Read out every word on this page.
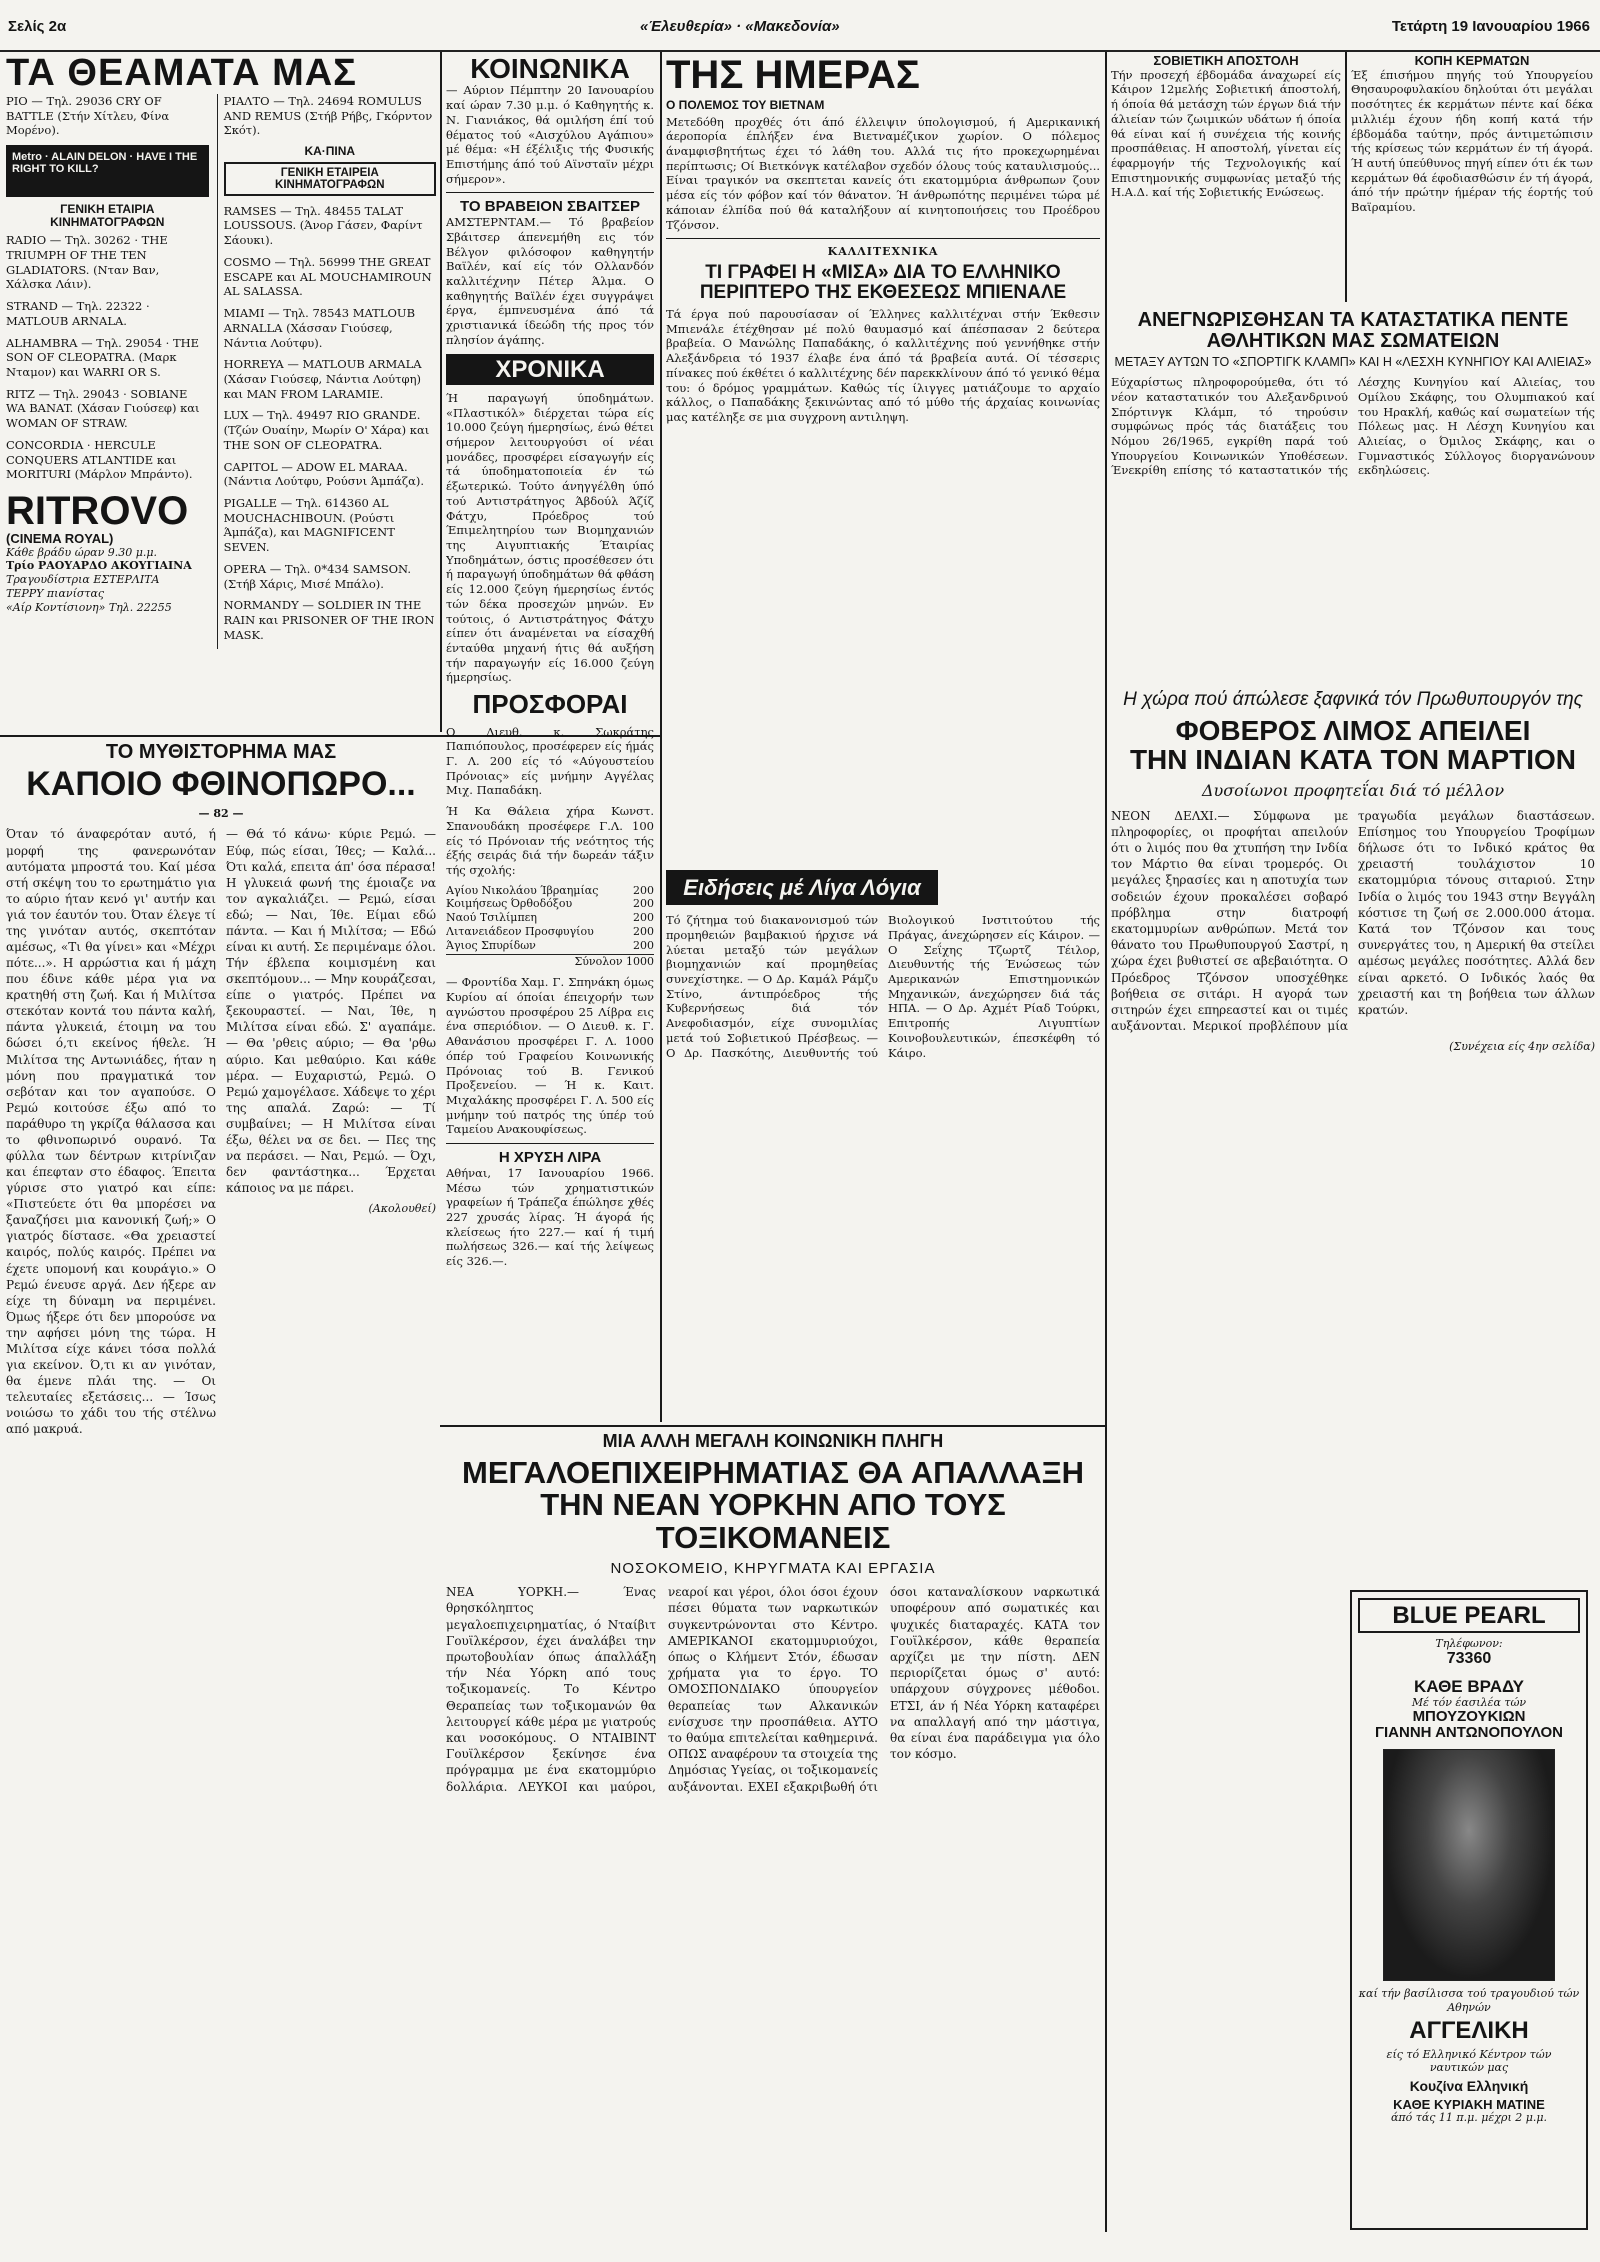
Σελίς 2α	«Έλευθερία» · «Μακεδονία»	Τετάρτη 19 Ιανουαρίου 1966
ΤΑ ΘΕΑΜΑΤΑ ΜΑΣ
ΡΙΟ — Τηλ. 29036 CRY OF BATTLE (Στήν Χίτλευ, Φίνα Μορένο).
Metro · ALAIN DELON · HAVE I THE RIGHT TO KILL?
ΓΕΝΙΚΗ ΕΤΑΙΡΙΑ ΚΙΝΗΜΑΤΟΓΡΑΦΩΝ
RADIO — Τηλ. 30262 · THE TRIUMPH OF THE TEN GLADIATORS. (Νταν Βαν, Χάλσκα Λάιν).
STRAND — Τηλ. 22322 · MATLOUB ARNALA.
ALHAMBRA — Τηλ. 29054 · THE SON OF CLEOPATRA. (Μαρκ Νταμον) και WARRI OR S.
RITZ — Τηλ. 29043 · SOBIANE WA BANAT. (Χάσαν Γιούσεφ) και WOMAN OF STRAW.
CONCORDIA · HERCULE CONQUERS ATLANTIDE και MORITURI (Μάρλον Μπράντο).
RITROVO
(CINEMA ROYAL)
Κάθε βράδυ ώραν 9.30 μ.μ.
Τρίο ΡΑΟΥΑΡΔΟ ΑΚΟΥΓΙΑΙΝΑ
Τραγουδίστρια ΕΣΤΕΡΛΙΤΑ
ΤΕΡΡΥ πιανίστας
«Αίρ Κοντίσιονη» Τηλ. 22255
ΡΙΑΛΤΟ — Τηλ. 24694 ROMULUS AND REMUS (Στήβ Ρήβς, Γκόρντον Σκότ).
ΚΑ·ΠΙΝΑ
ΓΕΝΙΚΗ ΕΤΑΙΡΕΙΑ ΚΙΝΗΜΑΤΟΓΡΑΦΩΝ
RAMSES — Τηλ. 48455 TALAT LOUSSOUS. (Άνορ Γάσεν, Φαρίντ Σάουκι).
COSMO — Τηλ. 56999 THE GREAT ESCAPE και AL MOUCHAMIROUN AL SALASSA.
MIAMI — Τηλ. 78543 MATLOUB ARNALLA (Χάσσαν Γιούσεφ, Νάντια Λούτφυ).
HORREYA — MATLOUB ARMALA (Χάσαν Γιούσεφ, Νάντια Λούτφη) και MAN FROM LARAMIE.
LUX — Τηλ. 49497 RIO GRANDE. (Τζών Ουαίην, Μωρίν Ο' Χάρα) και THE SON OF CLEOPATRA.
CAPITOL — ADOW EL MARAA. (Νάντια Λούτφυ, Ρούσνι Άμπάζα).
PIGALLE — Τηλ. 614360 AL MOUCHACHIBOUN. (Ρούστι Άμπάζα), και MAGNIFICENT SEVEN.
OPERA — Τηλ. 0*434 SAMSON. (Στήβ Χάρις, Μισέ Μπάλο).
NORMANDY — SOLDIER IN THE RAIN και PRISONER OF THE IRON MASK.
ΤΟ ΜΥΘΙΣΤΟΡΗΜΑ ΜΑΣ
ΚΑΠΟΙΟ ΦΘΙΝΟΠΩΡΟ...
— 82 —

Όταν τό άναφερόταν αυτό, ή μορφή της φανερωνόταν αυτόματα μπροστά του. Καί μέσα στή σκέψη του το ερωτημάτιο για το αύριο ήταν κενό γι' αυτήν και γιά τον έαυτόν του. Όταν έλεγε τί της γινόταν αυτός, σκεπτόταν αμέσως, «Τι θα γίνει» και «Μέχρι πότε...». Η αρρώστια και ή μάχη που έδινε κάθε μέρα για να κρατηθή στη ζωή. Και ή Μιλίτσα στεκόταν κοντά του πάντα καλή, πάντα γλυκειά, έτοιμη να του δώσει ό,τι εκείνος ήθελε. Ή Μιλίτσα της Αντωνιάδες, ήταν η μόνη που πραγματικά τον σεβόταν και τον αγαπούσε. Ο Ρεμώ κοιτούσε έξω από το παράθυρο τη γκρίζα θάλασσα και το φθινοπωρινό ουρανό. Τα φύλλα των δέντρων κιτρίνιζαν και έπεφταν στο έδαφος. Έπειτα γύρισε στο γιατρό και είπε: «Πιστεύετε ότι θα μπορέσει να ξαναζήσει μια κανονική ζωή;» Ο γιατρός δίστασε. «Θα χρειαστεί καιρός, πολύς καιρός. Πρέπει να έχετε υπομονή και κουράγιο.» Ο Ρεμώ ένευσε αργά. Δεν ήξερε αν είχε τη δύναμη να περιμένει. Όμως ήξερε ότι δεν μπορούσε να την αφήσει μόνη της τώρα. Η Μιλίτσα είχε κάνει τόσα πολλά για εκείνον. Ό,τι κι αν γινόταν, θα έμενε πλάι της. — Οι τελευταίες εξετάσεις... — Ίσως νοιώσω το χάδι του τής στέλνω από μακρυά.

— Θά τό κάνω· κύριε Ρεμώ. — Εύφ, πώς είσαι, Ίθες; — Καλά... Ότι καλά, επειτα άπ' όσα πέρασα! Η γλυκειά φωνή της έμοιαζε να τον αγκαλιάζει. — Ρεμώ, είσαι εδώ; — Ναι, Ίθε. Είμαι εδώ πάντα. — Και ή Μιλίτσα; — Εδώ είναι κι αυτή. Σε περιμέναμε όλοι. Τήν έβλεπα κοιμισμένη και σκεπτόμουν... — Μην κουράζεσαι, είπε ο γιατρός. Πρέπει να ξεκουραστεί. — Ναι, Ίθε, η Μιλίτσα είναι εδώ. Σ' αγαπάμε. — Θα 'ρθεις αύριο; — Θα 'ρθω αύριο. Και μεθαύριο. Και κάθε μέρα. — Ευχαριστώ, Ρεμώ. Ο Ρεμώ χαμογέλασε. Χάδεψε το χέρι της απαλά. Ζαρώ: — Τί συμβαίνει; — Η Μιλίτσα είναι έξω, θέλει να σε δει. — Πες της να περάσει. — Ναι, Ρεμώ. — Όχι, δεν φαντάστηκα... Έρχεται κάποιος να με πάρει.

(Ακολουθεί)
ΚΟΙΝΩΝΙΚΑ

— Αύριον Πέμπτην 20 Ιανουαρίου καί ώραν 7.30 μ.μ. ό Καθηγητής κ. Ν. Γιανιάκος, θά ομιλήση έπί τού θέματος τού «Αισχύλου Αγάπιου» μέ θέμα: «Η έξέλιξις τής Φυσικής Επιστήμης άπό τού Αϊνσταϊν μέχρι σήμερον».

ΤΟ ΒΡΑΒΕΙΟΝ ΣΒΑΙΤΣΕΡ

ΑΜΣΤΕΡΝΤΑΜ.— Τό βραβείον Σβάιτσερ άπενεμήθη εις τόν Βέλγον φιλόσοφον καθηγητήν Βαϊλέν, καί είς τόν Ολλανδόν καλλιτέχνην Πέτερ Άλμα. Ο καθηγητής Βαϊλέν έχει συγγράψει έργα, έμπνευσμένα άπό τά χριστιανικά ίδεώδη τής προς τόν πλησίον άγάπης.

ΧΡΟΝΙΚΑ

Ή παραγωγή ύποδημάτων. «Πλαστικόλ» διέρχεται τώρα είς 10.000 ζεύγη ήμερησίως, ένώ θέτει σήμερον λειτουργούσι οί νέαι μονάδες, προσφέρει είσαγωγήν είς τά ύποδηματοποιεία έν τώ έξωτερικώ. Τούτο άνηγγέλθη ύπό τού Αντιστράτηγος Άβδούλ Άζίζ Φάτχυ, Πρόεδρος τού Έπιμελητηρίου των Βιομηχανιών της Αιγυπτιακής Έταιρίας Υποδημάτων, όστις προσέθεσεν ότι ή παραγωγή ύποδημάτων θά φθάση είς 12.000 ζεύγη ήμερησίως έντός τών δέκα προσεχών μηνών. Εν τούτοις, ό Αντιστράτηγος Φάτχυ είπεν ότι άναμένεται να είσαχθή ένταύθα μηχανή ήτις θά αυξήση τήν παραγωγήν είς 16.000 ζεύγη ήμερησίως.

ΠΡΟΣΦΟΡΑΙ

Ο Διευθ. κ. Σωκράτης Παπιόπουλος, προσέφερεν είς ήμάς Γ. Λ. 200 είς τό «Αύγουστείου Πρόνοιας» είς μνήμην Αγγέλας Μιχ. Παπαδάκη.

Ή Κα Θάλεια χήρα Κωνστ. Σπανουδάκη προσέφερε Γ.Λ. 100 είς τό Πρόνοιαν τής νεότητος τής έξής σειράς διά τήν δωρεάν τάξιν τής σχολής:

Αγίου Νικολάου Ίβραημίας	200
Κοιμήσεως Όρθοδόξου	200
Ναού Τσιλίμπεη	200
Λιτανειάδεον Προσφυγίου	200
Άγιος Σπυρίδων	200
Σύνολον 1000

— Φροντίδα Χαμ. Γ. Σπηνάκη όμως Κυρίου αί όποίαι έπειχορήν των αγνώστου προσφέρου 25 Λίβρα εις ένα σπεριόδιον. — Ο Διευθ. κ. Γ. Αθανάσιου προσφέρει Γ. Λ. 1000 όπέρ τού Γραφείου Κοινωνικής Πρόνοιας τού Β. Γενικού Προξενείου. — Ή κ. Καιτ. Μιχαλάκης προσφέρει Γ. Λ. 500 είς μνήμην τού πατρός της ύπέρ τού Ταμείου Ανακουφίσεως.

Η ΧΡΥΣΗ ΛΙΡΑ

Αθήναι, 17 Ιανουαρίου 1966. Μέσω τών χρηματιστικών γραφείων ή Τράπεζα έπώλησε χθές 227 χρυσάς λίρας. Ή άγορά ής κλείσεως ήτο 227.— καί ή τιμή πωλήσεως 326.— καί τής λείψεως είς 326.—.

ΤΗΣ ΗΜΕΡΑΣ
Ο ΠΟΛΕΜΟΣ ΤΟΥ ΒΙΕΤΝΑΜ

Μετεδόθη προχθές ότι άπό έλλειψιν ύπολογισμού, ή Αμερικανική άεροπορία έπλήξεν ένα Βιετναμέζικον χωρίον. Ο πόλεμος άναμφισβητήτως έχει τό λάθη του. Αλλά τις ήτο προκεχωρημέναι περίπτωσις; Οί Βιετκόνγκ κατέλαβον σχεδόν όλους τούς καταυλισμούς... Είναι τραγικόν να σκεπτεται κανείς ότι εκατομμύρια άνθρωπων ζουν μέσα είς τόν φόβον καί τόν θάνατον. Ή άνθρωπότης περιμένει τώρα μέ κάποιαν έλπίδα πού θά καταλήξουν αί κινητοποιήσεις του Προέδρου Τζόνσον.

ΚΑΛΛΙΤΕΧΝΙΚΑ
ΤΙ ΓΡΑΦΕΙ Η «ΜΙΣΑ» ΔΙΑ ΤΟ ΕΛΛΗΝΙΚΟ ΠΕΡΙΠΤΕΡΟ ΤΗΣ ΕΚΘΕΣΕΩΣ ΜΠΙΕΝΑΛΕ

Τά έργα πού παρουσίασαν οί Έλληνες καλλιτέχναι στήν Έκθεσιν Μπιενάλε έτέχθησαν μέ πολύ θαυμασμό καί άπέσπασαν 2 δεύτερα βραβεία. Ο Μανώλης Παπαδάκης, ό καλλιτέχνης πού γεννήθηκε στήν Αλεξάνδρεια τό 1937 έλαβε ένα άπό τά βραβεία αυτά. Οί τέσσερις πίνακες πού έκθέτει ό καλλιτέχνης δέν παρεκκλίνουν άπό τό γενικό θέμα του: ό δρόμος γραμμάτων. Καθώς τίς ίλιγγες ματιάζουμε το αρχαίο κάλλος, ο Παπαδάκης ξεκινώντας από τό μύθο τής άρχαίας κοινωνίας μας κατέληξε σε μια συγχρονη αντιληψη.

Ειδήσεις μέ Λίγα Λόγια

Τό ζήτημα τού διακανονισμού τών προμηθειών βαμβακιού ήρχισε νά λύεται μεταξύ τών μεγάλων βιομηχανιών καί προμηθείας συνεχίστηκε. — Ο Δρ. Καμάλ Ράμζυ Στίνο, άντιπρόεδρος τής Κυβερνήσεως διά τόν Ανεφοδιασμόν, είχε συνομιλίας μετά τού Σοβιετικού Πρέσβεως. — Ο Δρ. Πασκότης, Διευθυντής τού Βιολογικού Ινστιτούτου τής Πράγας, άνεχώρησεν είς Κάιρον. — Ο Σεΐχης Τζωρτζ Τέιλορ, Διευθυντής τής Ένώσεως τών Αμερικανών Επιστημονικών Μηχανικών, άνεχώρησεν διά τάς ΗΠΑ. — Ο Δρ. Αχμέτ Ρίαδ Τούρκι, Επιτροπής Λιγυπτίων Κοινοβουλευτικών, έπεσκέφθη τό Κάιρο.

ΜΙΑ ΑΛΛΗ ΜΕΓΑΛΗ ΚΟΙΝΩΝΙΚΗ ΠΛΗΓΗ
ΜΕΓΑΛΟΕΠΙΧΕΙΡΗΜΑΤΙΑΣ ΘΑ ΑΠΑΛΛΑΞΗ
ΤΗΝ ΝΕΑΝ ΥΟΡΚΗΝ ΑΠΟ ΤΟΥΣ ΤΟΞΙΚΟΜΑΝΕΙΣ
ΝΟΣΟΚΟΜΕΙΟ, ΚΗΡΥΓΜΑΤΑ ΚΑΙ ΕΡΓΑΣΙΑ

ΝΕΑ ΥΟΡΚΗ.— Ένας θρησκόληπτος μεγαλοεπιχειρηματίας, ό Νταίβιτ Γουϊλκέρσον, έχει άναλάβει την πρωτοβουλίαν όπως άπαλλάξη τήν Νέα Υόρκη από τους τοξικομανείς. Το Κέντρο Θεραπείας των τοξικομανών θα λειτουργεί κάθε μέρα με γιατρούς και νοσοκόμους. Ο ΝΤΑΙΒΙΝΤ Γουϊλκέρσον ξεκίνησε ένα πρόγραμμα με ένα εκατομμύριο δολλάρια. ΛΕΥΚΟΙ και μαύροι, νεαροί και γέροι, όλοι όσοι έχουν πέσει θύματα των ναρκωτικών συγκεντρώνονται στο Κέντρο. ΑΜΕΡΙΚΑΝΟΙ εκατομμυριούχοι, όπως ο Κλήμεντ Στόν, έδωσαν χρήματα για το έργο. ΤΟ ΟΜΟΣΠΟΝΔΙΑΚΟ ύπουργείον θεραπείας των Αλκανικών ενίσχυσε την προσπάθεια. ΑΥΤΟ το θαύμα επιτελείται καθημερινά. ΟΠΩΣ αναφέρουν τα στοιχεία της Δημόσιας Υγείας, οι τοξικομανείς αυξάνονται. ΕΧΕΙ εξακριβωθή ότι όσοι καταναλίσκουν ναρκωτικά υποφέρουν από σωματικές και ψυχικές διαταραχές. ΚΑΤΑ τον Γουϊλκέρσον, κάθε θεραπεία αρχίζει με την πίστη. ΔΕΝ περιορίζεται όμως σ' αυτό: υπάρχουν σύγχρονες μέθοδοι. ΕΤΣΙ, άν ή Νέα Υόρκη καταφέρει να απαλλαγή από την μάστιγα, θα είναι ένα παράδειγμα για όλο τον κόσμο.

ΣΟΒΙΕΤΙΚΗ ΑΠΟΣΤΟΛΗ

Τήν προσεχή έβδομάδα άναχωρεί είς Κάιρον 12μελής Σοβιετική άποστολή, ή όποία θά μετάσχη τών έργων διά τήν άλιείαν τών ζωιμικών υδάτων ή όποία θά είναι καί ή συνέχεια τής κοινής προσπάθειας. Η αποστολή, γίνεται είς έφαρμογήν τής Τεχνολογικής καί Επιστημονικής συμφωνίας μεταξύ τής Η.Α.Δ. καί τής Σοβιετικής Ενώσεως.

ΚΟΠΗ ΚΕΡΜΑΤΩΝ

Έξ έπισήμου πηγής τού Υπουργείου Θησαυροφυλακίου δηλούται ότι μεγάλαι ποσότητες έκ κερμάτων πέντε καί δέκα μιλλιέμ έχουν ήδη κοπή κατά τήν έβδομάδα ταύτην, πρός άντιμετώπισιν τής κρίσεως τών κερμάτων έν τή άγορά. Ή αυτή ύπεύθυνος πηγή είπεν ότι έκ των κερμάτων θά έφοδιασθώσιν έν τή άγορά, άπό τήν πρώτην ήμέραν τής έορτής τού Βαϊραμίου.

ΑΝΕΓΝΩΡΙΣΘΗΣΑΝ ΤΑ ΚΑΤΑΣΤΑΤΙΚΑ ΠΕΝΤΕ ΑΘΛΗΤΙΚΩΝ ΜΑΣ ΣΩΜΑΤΕΙΩΝ
ΜΕΤΑΞΥ ΑΥΤΩΝ ΤΟ «ΣΠΟΡΤΙΓΚ ΚΛΑΜΠ» ΚΑΙ Η «ΛΕΣΧΗ ΚΥΝΗΓΙΟΥ ΚΑΙ ΑΛΙΕΙΑΣ»

Εύχαρίστως πληροφορούμεθα, ότι τό νέον καταστατικόν του Αλεξανδρινού Σπόρτινγκ Κλάμπ, τό τηρούσιν συμφώνως πρός τάς διατάξεις του Νόμου 26/1965, εγκρίθη παρά τού Υπουργείου Κοινωνικών Υποθέσεων. Ένεκρίθη επίσης τό καταστατικόν τής Λέσχης Κυνηγίου καί Αλιείας, του Ομίλου Σκάφης, του Ολυμπιακού καί του Ηρακλή, καθώς καί σωματείων τής Πόλεως μας. Η Λέσχη Κυνηγίου και Αλιείας, ο Όμιλος Σκάφης, και ο Γυμναστικός Σύλλογος διοργανώνουν εκδηλώσεις.

Η χώρα πού άπώλεσε ξαφνικά τόν Πρωθυπουργόν της
ΦΟΒΕΡΟΣ ΛΙΜΟΣ ΑΠΕΙΛΕΙ
ΤΗΝ ΙΝΔΙΑΝ ΚΑΤΑ ΤΟΝ ΜΑΡΤΙΟΝ
Δυσοίωνοι προφητεΐαι διά τό μέλλον

ΝΕΟΝ ΔΕΛΧΙ.— Σύμφωνα με πληροφορίες, οι προφήται απειλούν ότι ο λιμός που θα χτυπήση την Ινδία τον Μάρτιο θα είναι τρομερός. Οι μεγάλες ξηρασίες και η αποτυχία των σοδειών έχουν προκαλέσει σοβαρό πρόβλημα στην διατροφή εκατομμυρίων ανθρώπων. Μετά τον θάνατο του Πρωθυπουργού Σαστρί, η χώρα έχει βυθιστεί σε αβεβαιότητα. Ο Πρόεδρος Τζόνσον υποσχέθηκε βοήθεια σε σιτάρι. Η αγορά των σιτηρών έχει επηρεαστεί και οι τιμές αυξάνονται. Μερικοί προβλέπουν μία τραγωδία μεγάλων διαστάσεων. Επίσημος του Υπουργείου Τροφίμων δήλωσε ότι το Ινδικό κράτος θα χρειαστή τουλάχιστον 10 εκατομμύρια τόνους σιταριού. Στην Ινδία ο λιμός του 1943 στην Βεγγάλη κόστισε τη ζωή σε 2.000.000 άτομα. Κατά τον Τζόνσον και τους συνεργάτες του, η Αμερική θα στείλει αμέσως μεγάλες ποσότητες. Αλλά δεν είναι αρκετό. Ο Ινδικός λαός θα χρειαστή και τη βοήθεια των άλλων κρατών.

(Συνέχεια είς 4ην σελίδα)
BLUE PEARL
Τηλέφωνον:
73360
ΚΑΘΕ ΒΡΑΔΥ
Μέ τόν έασιλέα τών
ΜΠΟΥΖΟΥΚΙΩΝ
ΓΙΑΝΝΗ ΑΝΤΩΝΟΠΟΥΛΟΝ
καί τήν βασίλισσα τού τραγουδιού τών Αθηνών
ΑΓΓΕΛΙΚΗ
είς τό Ελληνικό Κέντρον τών ναυτικών μας
Κουζίνα Ελληνική
ΚΑΘΕ ΚΥΡΙΑΚΗ ΜΑΤΙΝΕ
άπό τάς 11 π.μ. μέχρι 2 μ.μ.
